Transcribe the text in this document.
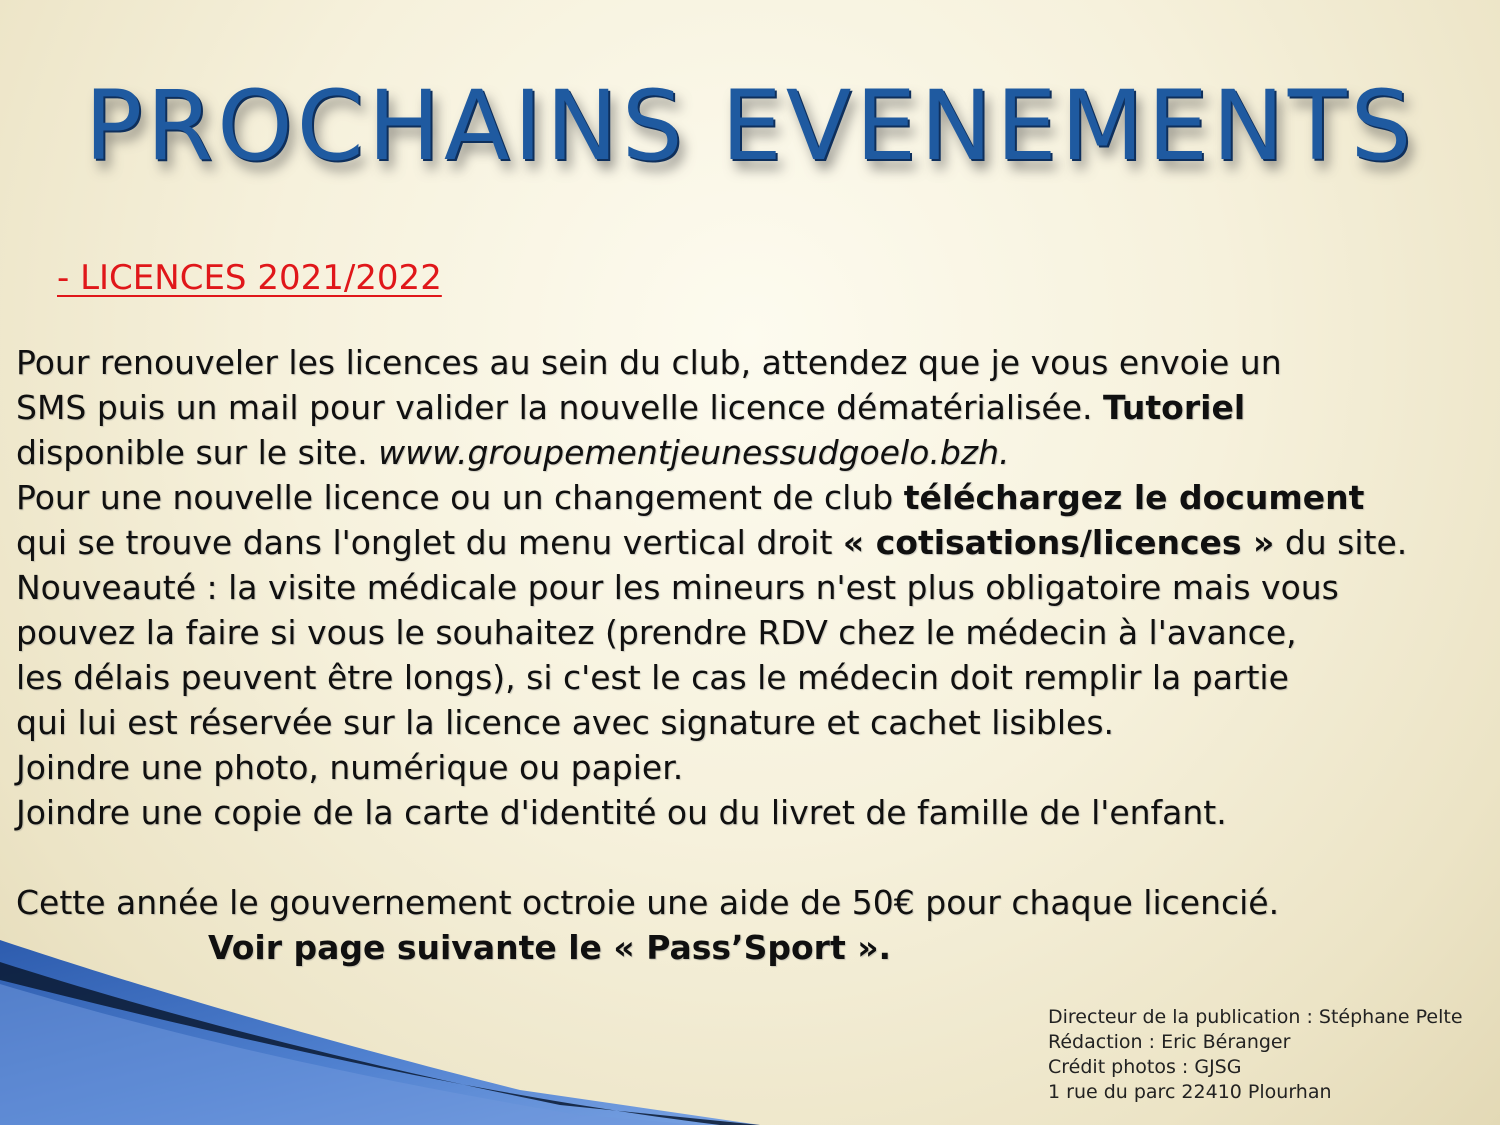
PROCHAINS EVENEMENTS
- LICENCES 2021/2022
Pour renouveler les licences au sein du club, attendez que je vous envoie un
SMS puis un mail pour valider la nouvelle licence dématérialisée. Tutoriel
disponible sur le site. www.groupementjeunessudgoelo.bzh.
Pour une nouvelle licence ou un changement de club téléchargez le document
qui se trouve dans l'onglet du menu vertical droit « cotisations/licences » du site.
Nouveauté : la visite médicale pour les mineurs n'est plus obligatoire mais vous
pouvez la faire si vous le souhaitez (prendre RDV chez le médecin à l'avance,
les délais peuvent être longs), si c'est le cas le médecin doit remplir la partie
qui lui est réservée sur la licence avec signature et cachet lisibles.
Joindre une photo, numérique ou papier.
Joindre une copie de la carte d'identité ou du livret de famille de l'enfant.
Cette année le gouvernement octroie une aide de 50€ pour chaque licencié.
Voir page suivante le « Pass’Sport ».
Directeur de la publication : Stéphane Pelte
Rédaction : Eric Béranger
Crédit photos : GJSG
1 rue du parc 22410 Plourhan
